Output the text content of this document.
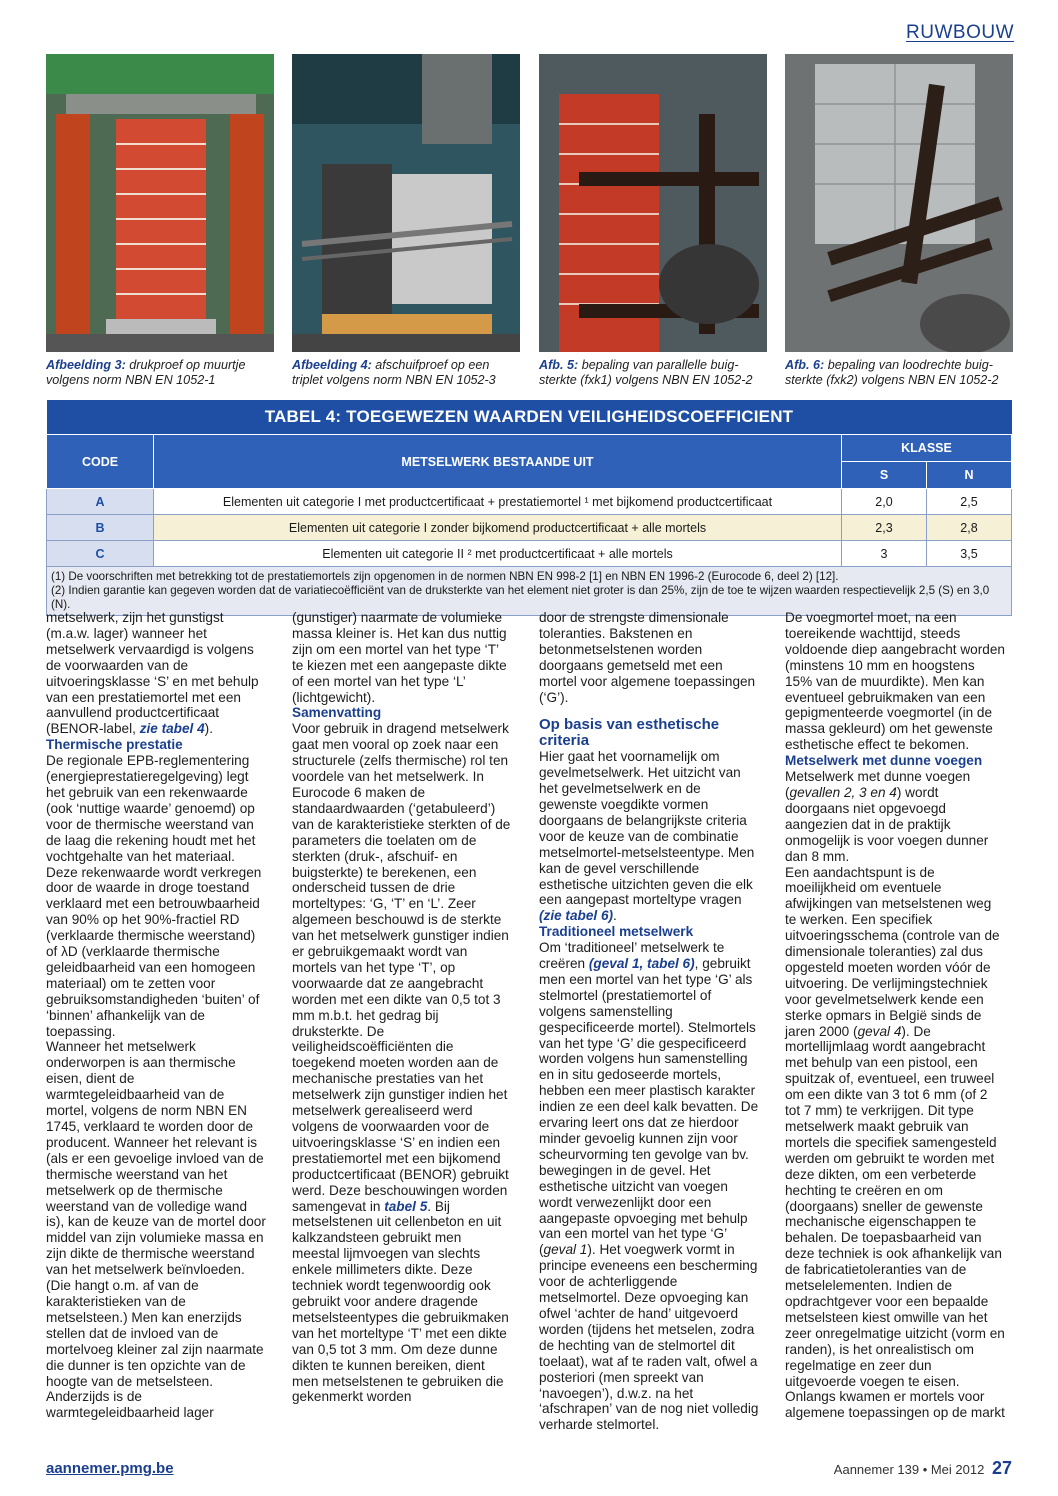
RUWBOUW
Afbeelding 3: drukproef op muurtje volgens norm NBN EN 1052-1
Afbeelding 4: afschuifproef op een triplet volgens norm NBN EN 1052-3
Afb. 5: bepaling van parallelle buig-sterkte (fxk1) volgens NBN EN 1052-2
Afb. 6: bepaling van loodrechte buig-sterkte (fxk2) volgens NBN EN 1052-2
TABEL 4: TOEGEWEZEN WAARDEN VEILIGHEIDSCOEFFICIENT			
CODE	METSELWERK BESTAANDE UIT	KLASSE	
		S	N
A	Elementen uit categorie I met productcertificaat + prestatiemortel ¹ met bijkomend productcertificaat	2,0	2,5
B	Elementen uit categorie I zonder bijkomend productcertificaat + alle mortels	2,3	2,8
C	Elementen uit categorie II ² met productcertificaat + alle mortels	3	3,5

(1) De voorschriften met betrekking tot de prestatiemortels zijn opgenomen in de normen NBN EN 998-2 [1] en NBN EN 1996-2 (Eurocode 6, deel 2) [12].
(2) Indien garantie kan gegeven worden dat de variatiecoëfficiënt van de druksterkte van het element niet groter is dan 25%, zijn de toe te wijzen waarden respectievelijk 2,5 (S) en 3,0 (N).			

metselwerk, zijn het gunstigst (m.a.w. lager) wanneer het metselwerk vervaardigd is volgens de voorwaarden van de uitvoeringsklasse ‘S’ en met behulp van een prestatiemortel met een aanvullend productcertificaat (BENOR-label, zie tabel 4).

Thermische prestatie

De regionale EPB-reglementering (energieprestatieregelgeving) legt het gebruik van een rekenwaarde (ook ‘nuttige waarde’ genoemd) op voor de thermische weerstand van de laag die rekening houdt met het vochtgehalte van het materiaal. Deze rekenwaarde wordt verkregen door de waarde in droge toestand verklaard met een betrouwbaarheid van 90% op het 90%-fractiel RD (verklaarde thermische weerstand) of λD (verklaarde thermische geleidbaarheid van een homogeen materiaal) om te zetten voor gebruiksomstandigheden ‘buiten’ of ‘binnen’ afhankelijk van de toepassing.

Wanneer het metselwerk onderworpen is aan thermische eisen, dient de warmtegeleidbaarheid van de mortel, volgens de norm NBN EN 1745, verklaard te worden door de producent. Wanneer het relevant is (als er een gevoelige invloed van de thermische weerstand van het metselwerk op de thermische weerstand van de volledige wand is), kan de keuze van de mortel door middel van zijn volumieke massa en zijn dikte de thermische weerstand van het metselwerk beïnvloeden. (Die hangt o.m. af van de karakteristieken van de metselsteen.) Men kan enerzijds stellen dat de invloed van de mortelvoeg kleiner zal zijn naarmate die dunner is ten opzichte van de hoogte van de metselsteen. Anderzijds is de warmtegeleidbaarheid lager

(gunstiger) naarmate de volumieke massa kleiner is. Het kan dus nuttig zijn om een mortel van het type ‘T’ te kiezen met een aangepaste dikte of een mortel van het type ‘L’ (lichtgewicht).

Samenvatting

Voor gebruik in dragend metselwerk gaat men vooral op zoek naar een structurele (zelfs thermische) rol ten voordele van het metselwerk. In Eurocode 6 maken de standaardwaarden (‘getabuleerd’) van de karakteristieke sterkten of de parameters die toelaten om de sterkten (druk-, afschuif- en buigsterkte) te berekenen, een onderscheid tussen de drie morteltypes: ‘G, ‘T’ en ‘L’. Zeer algemeen beschouwd is de sterkte van het metselwerk gunstiger indien er gebruikgemaakt wordt van mortels van het type ‘T’, op voorwaarde dat ze aangebracht worden met een dikte van 0,5 tot 3 mm m.b.t. het gedrag bij druksterkte. De veiligheidscoëfficiënten die toegekend moeten worden aan de mechanische prestaties van het metselwerk zijn gunstiger indien het metselwerk gerealiseerd werd volgens de voorwaarden voor de uitvoeringsklasse ‘S’ en indien een prestatiemortel met een bijkomend productcertificaat (BENOR) gebruikt werd. Deze beschouwingen worden samengevat in tabel 5. Bij metselstenen uit cellenbeton en uit kalkzandsteen gebruikt men meestal lijmvoegen van slechts enkele millimeters dikte. Deze techniek wordt tegenwoordig ook gebruikt voor andere dragende metselsteentypes die gebruikmaken van het morteltype ‘T’ met een dikte van 0,5 tot 3 mm. Om deze dunne dikten te kunnen bereiken, dient men metselstenen te gebruiken die gekenmerkt worden

door de strengste dimensionale toleranties. Bakstenen en betonmetselstenen worden doorgaans gemetseld met een mortel voor algemene toepassingen (‘G’).

Op basis van esthetische criteria

Hier gaat het voornamelijk om gevelmetselwerk. Het uitzicht van het gevelmetselwerk en de gewenste voegdikte vormen doorgaans de belangrijkste criteria voor de keuze van de combinatie metselmortel-metselsteentype. Men kan de gevel verschillende esthetische uitzichten geven die elk een aangepast morteltype vragen (zie tabel 6).

Traditioneel metselwerk

Om ‘traditioneel’ metselwerk te creëren (geval 1, tabel 6), gebruikt men een mortel van het type ‘G’ als stelmortel (prestatiemortel of volgens samenstelling gespecificeerde mortel). Stelmortels van het type ‘G’ die gespecificeerd worden volgens hun samenstelling en in situ gedoseerde mortels, hebben een meer plastisch karakter indien ze een deel kalk bevatten. De ervaring leert ons dat ze hierdoor minder gevoelig kunnen zijn voor scheurvorming ten gevolge van bv. bewegingen in de gevel. Het esthetische uitzicht van voegen wordt verwezenlijkt door een aangepaste opvoeging met behulp van een mortel van het type ‘G’ (geval 1). Het voegwerk vormt in principe eveneens een bescherming voor de achterliggende metselmortel. Deze opvoeging kan ofwel ‘achter de hand’ uitgevoerd worden (tijdens het metselen, zodra de hechting van de stelmortel dit toelaat), wat af te raden valt, ofwel a posteriori (men spreekt van ‘navoegen’), d.w.z. na het ‘afschrapen’ van de nog niet volledig verharde stelmortel.

De voegmortel moet, na een toereikende wachttijd, steeds voldoende diep aangebracht worden (minstens 10 mm en hoogstens 15% van de muurdikte). Men kan eventueel gebruikmaken van een gepigmenteerde voegmortel (in de massa gekleurd) om het gewenste esthetische effect te bekomen.

Metselwerk met dunne voegen

Metselwerk met dunne voegen (gevallen 2, 3 en 4) wordt doorgaans niet opgevoegd aangezien dat in de praktijk onmogelijk is voor voegen dunner dan 8 mm.

Een aandachtspunt is de moeilijkheid om eventuele afwijkingen van metselstenen weg te werken. Een specifiek uitvoeringsschema (controle van de dimensionale toleranties) zal dus opgesteld moeten worden vóór de uitvoering. De verlijmingstechniek voor gevelmetselwerk kende een sterke opmars in België sinds de jaren 2000 (geval 4). De mortellijmlaag wordt aangebracht met behulp van een pistool, een spuitzak of, eventueel, een truweel om een dikte van 3 tot 6 mm (of 2 tot 7 mm) te verkrijgen. Dit type metselwerk maakt gebruik van mortels die specifiek samengesteld werden om gebruikt te worden met deze dikten, om een verbeterde hechting te creëren en om (doorgaans) sneller de gewenste mechanische eigenschappen te behalen. De toepasbaarheid van deze techniek is ook afhankelijk van de fabricatietoleranties van de metselelementen. Indien de opdrachtgever voor een bepaalde metselsteen kiest omwille van het zeer onregelmatige uitzicht (vorm en randen), is het onrealistisch om regelmatige en zeer dun uitgevoerde voegen te eisen. Onlangs kwamen er mortels voor algemene toepassingen op de markt

aannemer.pmg.be	Aannemer 139 • Mei 2012 27
